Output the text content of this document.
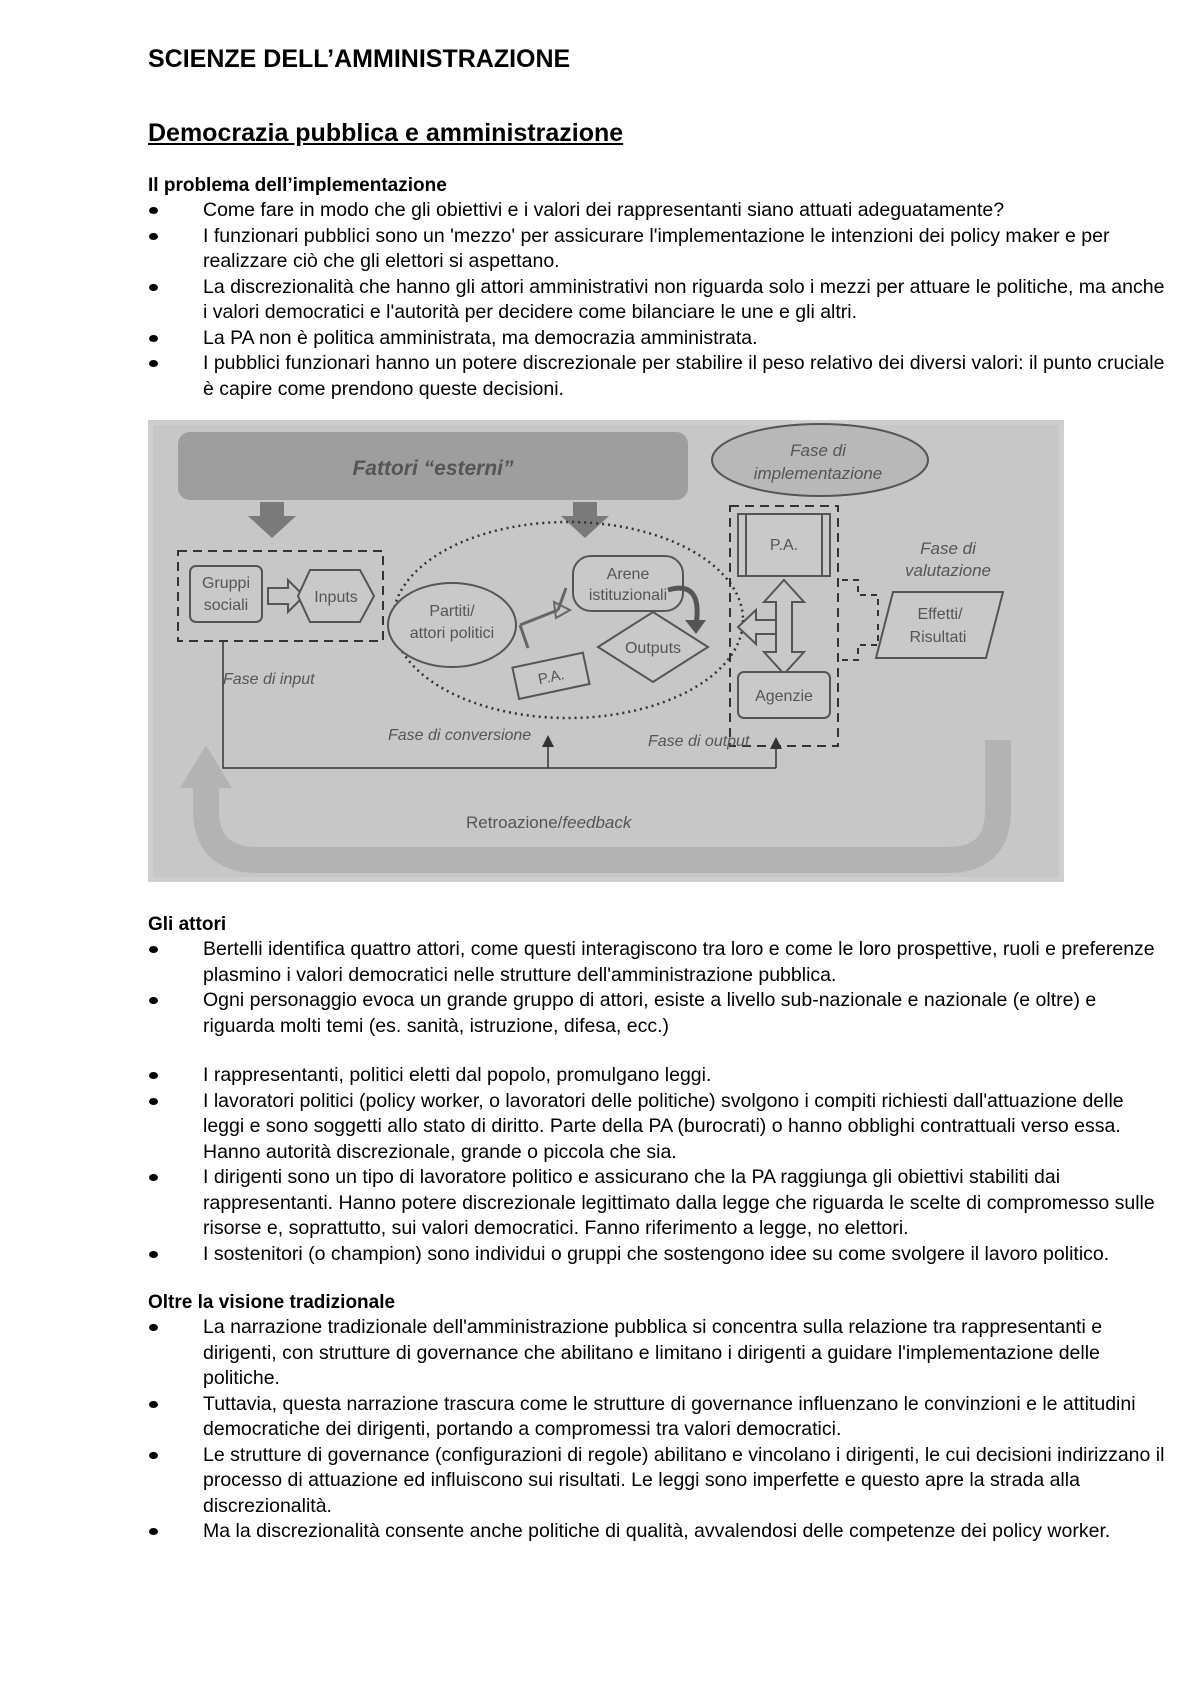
SCIENZE DELL’AMMINISTRAZIONE
Democrazia pubblica e amministrazione
Il problema dell’implementazione
Come fare in modo che gli obiettivi e i valori dei rappresentanti siano attuati adeguatamente?
I funzionari pubblici sono un 'mezzo' per assicurare l'implementazione le intenzioni dei policy maker e per realizzare ciò che gli elettori si aspettano.
La discrezionalità che hanno gli attori amministrativi non riguarda solo i mezzi per attuare le politiche, ma anche i valori democratici e l'autorità per decidere come bilanciare le une e gli altri.
La PA non è politica amministrata, ma democrazia amministrata.
I pubblici funzionari hanno un potere discrezionale per stabilire il peso relativo dei diversi valori: il punto cruciale è capire come prendono queste decisioni.
Fattori “esterni”
Fase di
implementazione
Gruppi
sociali	Inputs
Partiti/
attori politici
Arene
istituzionali
Outputs
P.A.
P.A.
Agenzie
Fase di
valutazione
Effetti/
Risultati
Fase di input
Fase di conversione	Fase di output
Retroazione/feedback
Gli attori
Bertelli identifica quattro attori, come questi interagiscono tra loro e come le loro prospettive, ruoli e preferenze plasmino i valori democratici nelle strutture dell'amministrazione pubblica.
Ogni personaggio evoca un grande gruppo di attori, esiste a livello sub-nazionale e nazionale (e oltre) e riguarda molti temi (es. sanità, istruzione, difesa, ecc.)
I rappresentanti, politici eletti dal popolo, promulgano leggi.
I lavoratori politici (policy worker, o lavoratori delle politiche) svolgono i compiti richiesti dall'attuazione delle leggi e sono soggetti allo stato di diritto. Parte della PA (burocrati) o hanno obblighi contrattuali verso essa. Hanno autorità discrezionale, grande o piccola che sia.
I dirigenti sono un tipo di lavoratore politico e assicurano che la PA raggiunga gli obiettivi stabiliti dai rappresentanti. Hanno potere discrezionale legittimato dalla legge che riguarda le scelte di compromesso sulle risorse e, soprattutto, sui valori democratici. Fanno riferimento a legge, no elettori.
I sostenitori (o champion) sono individui o gruppi che sostengono idee su come svolgere il lavoro politico.
Oltre la visione tradizionale
La narrazione tradizionale dell'amministrazione pubblica si concentra sulla relazione tra rappresentanti e dirigenti, con strutture di governance che abilitano e limitano i dirigenti a guidare l'implementazione delle politiche.
Tuttavia, questa narrazione trascura come le strutture di governance influenzano le convinzioni e le attitudini democratiche dei dirigenti, portando a compromessi tra valori democratici.
Le strutture di governance (configurazioni di regole) abilitano e vincolano i dirigenti, le cui decisioni indirizzano il processo di attuazione ed influiscono sui risultati. Le leggi sono imperfette e questo apre la strada alla discrezionalità.
Ma la discrezionalità consente anche politiche di qualità, avvalendosi delle competenze dei policy worker.
